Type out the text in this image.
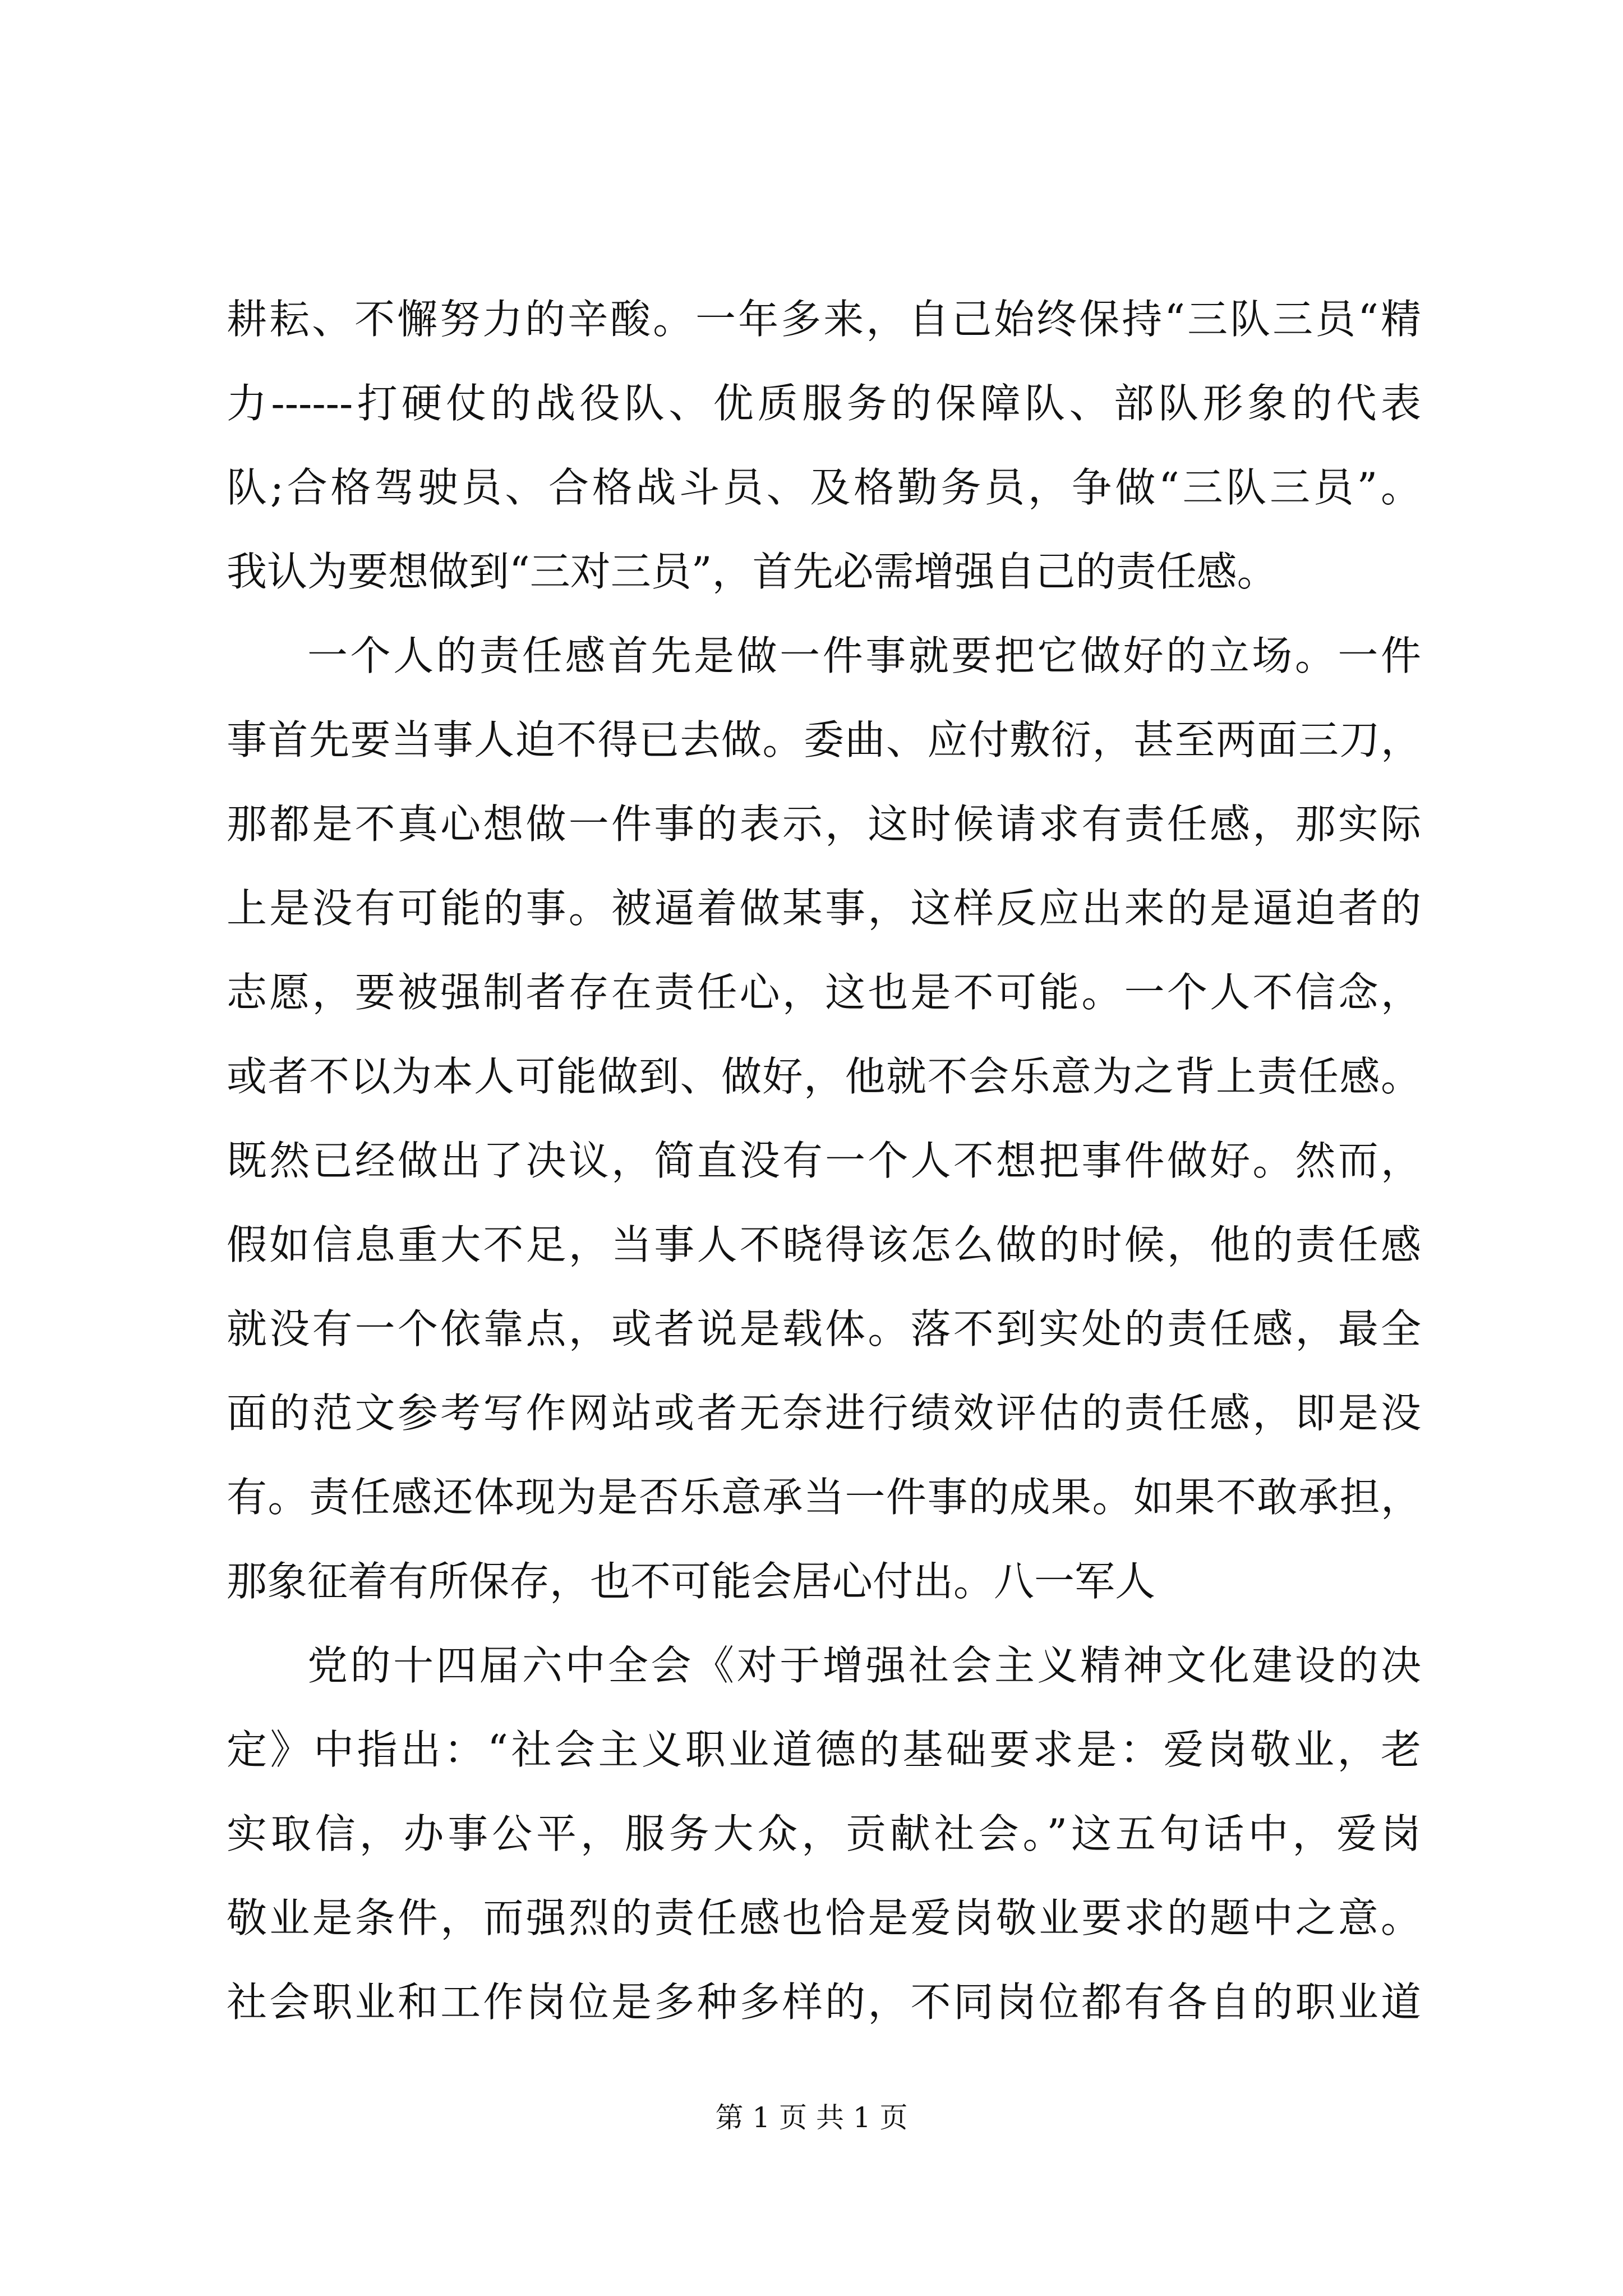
耕耘、不懈努力的辛酸。一年多来，自己始终保持“三队三员“精
力------打硬仗的战役队、优质服务的保障队、部队形象的代表
队;合格驾驶员、合格战斗员、及格勤务员，争做“三队三员”。
我认为要想做到“三对三员”，首先必需增强自己的责任感。
一个人的责任感首先是做一件事就要把它做好的立场。一件
事首先要当事人迫不得已去做。委曲、应付敷衍，甚至两面三刀，
那都是不真心想做一件事的表示，这时候请求有责任感，那实际
上是没有可能的事。被逼着做某事，这样反应出来的是逼迫者的
志愿，要被强制者存在责任心，这也是不可能。一个人不信念，
或者不以为本人可能做到、做好，他就不会乐意为之背上责任感。
既然已经做出了决议，简直没有一个人不想把事件做好。然而，
假如信息重大不足，当事人不晓得该怎么做的时候，他的责任感
就没有一个依靠点，或者说是载体。落不到实处的责任感，最全
面的范文参考写作网站或者无奈进行绩效评估的责任感，即是没
有。责任感还体现为是否乐意承当一件事的成果。如果不敢承担，
那象征着有所保存，也不可能会居心付出。八一军人
党的十四届六中全会《对于增强社会主义精神文化建设的决
定》中指出：“社会主义职业道德的基础要求是：爱岗敬业，老
实取信，办事公平，服务大众，贡献社会。”这五句话中，爱岗
敬业是条件，而强烈的责任感也恰是爱岗敬业要求的题中之意。
社会职业和工作岗位是多种多样的，不同岗位都有各自的职业道
第 1 页 共 1 页
